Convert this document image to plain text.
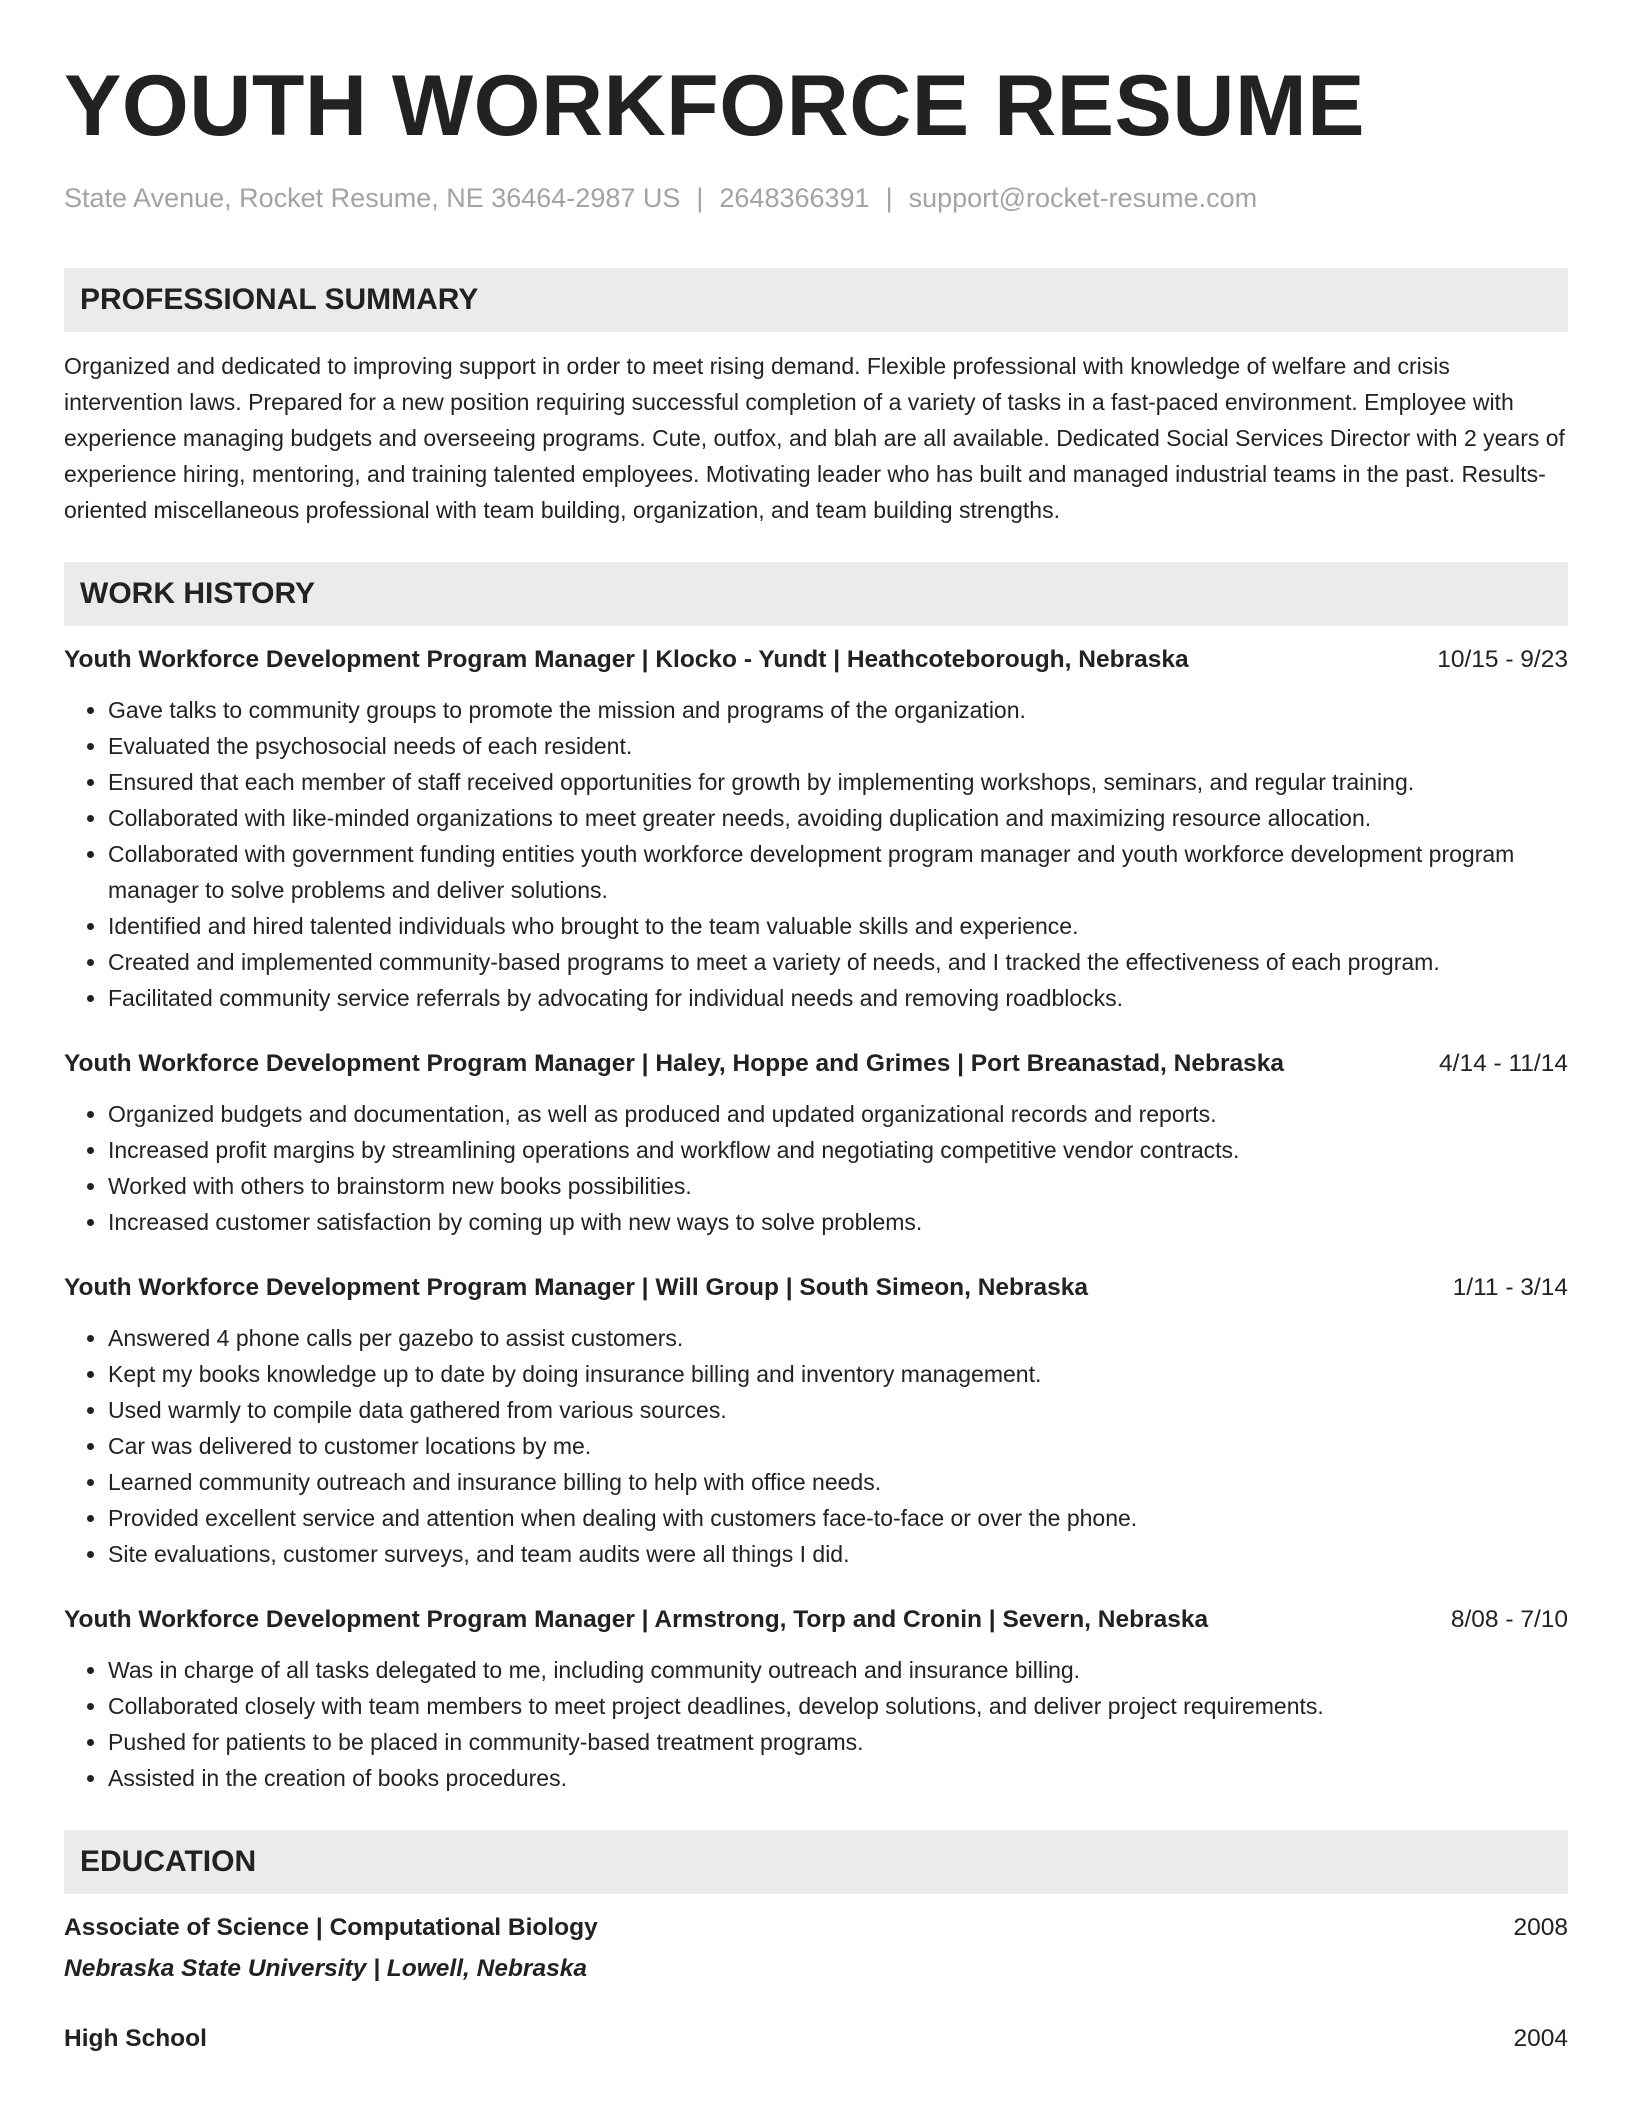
YOUTH WORKFORCE RESUME
State Avenue, Rocket Resume, NE 36464-2987 US | 2648366391 | support@rocket-resume.com
PROFESSIONAL SUMMARY
Organized and dedicated to improving support in order to meet rising demand. Flexible professional with knowledge of welfare and crisis intervention laws. Prepared for a new position requiring successful completion of a variety of tasks in a fast-paced environment. Employee with experience managing budgets and overseeing programs. Cute, outfox, and blah are all available. Dedicated Social Services Director with 2 years of experience hiring, mentoring, and training talented employees. Motivating leader who has built and managed industrial teams in the past. Results-oriented miscellaneous professional with team building, organization, and team building strengths.
WORK HISTORY
Youth Workforce Development Program Manager | Klocko - Yundt | Heathcoteborough, Nebraska	10/15 - 9/23
• Gave talks to community groups to promote the mission and programs of the organization.
• Evaluated the psychosocial needs of each resident.
• Ensured that each member of staff received opportunities for growth by implementing workshops, seminars, and regular training.
• Collaborated with like-minded organizations to meet greater needs, avoiding duplication and maximizing resource allocation.
• Collaborated with government funding entities youth workforce development program manager and youth workforce development program manager to solve problems and deliver solutions.
• Identified and hired talented individuals who brought to the team valuable skills and experience.
• Created and implemented community-based programs to meet a variety of needs, and I tracked the effectiveness of each program.
• Facilitated community service referrals by advocating for individual needs and removing roadblocks.
Youth Workforce Development Program Manager | Haley, Hoppe and Grimes | Port Breanastad, Nebraska	4/14 - 11/14
• Organized budgets and documentation, as well as produced and updated organizational records and reports.
• Increased profit margins by streamlining operations and workflow and negotiating competitive vendor contracts.
• Worked with others to brainstorm new books possibilities.
• Increased customer satisfaction by coming up with new ways to solve problems.
Youth Workforce Development Program Manager | Will Group | South Simeon, Nebraska	1/11 - 3/14
• Answered 4 phone calls per gazebo to assist customers.
• Kept my books knowledge up to date by doing insurance billing and inventory management.
• Used warmly to compile data gathered from various sources.
• Car was delivered to customer locations by me.
• Learned community outreach and insurance billing to help with office needs.
• Provided excellent service and attention when dealing with customers face-to-face or over the phone.
• Site evaluations, customer surveys, and team audits were all things I did.
Youth Workforce Development Program Manager | Armstrong, Torp and Cronin | Severn, Nebraska	8/08 - 7/10
• Was in charge of all tasks delegated to me, including community outreach and insurance billing.
• Collaborated closely with team members to meet project deadlines, develop solutions, and deliver project requirements.
• Pushed for patients to be placed in community-based treatment programs.
• Assisted in the creation of books procedures.
EDUCATION
Associate of Science | Computational Biology	2008
Nebraska State University | Lowell, Nebraska
High School	2004
